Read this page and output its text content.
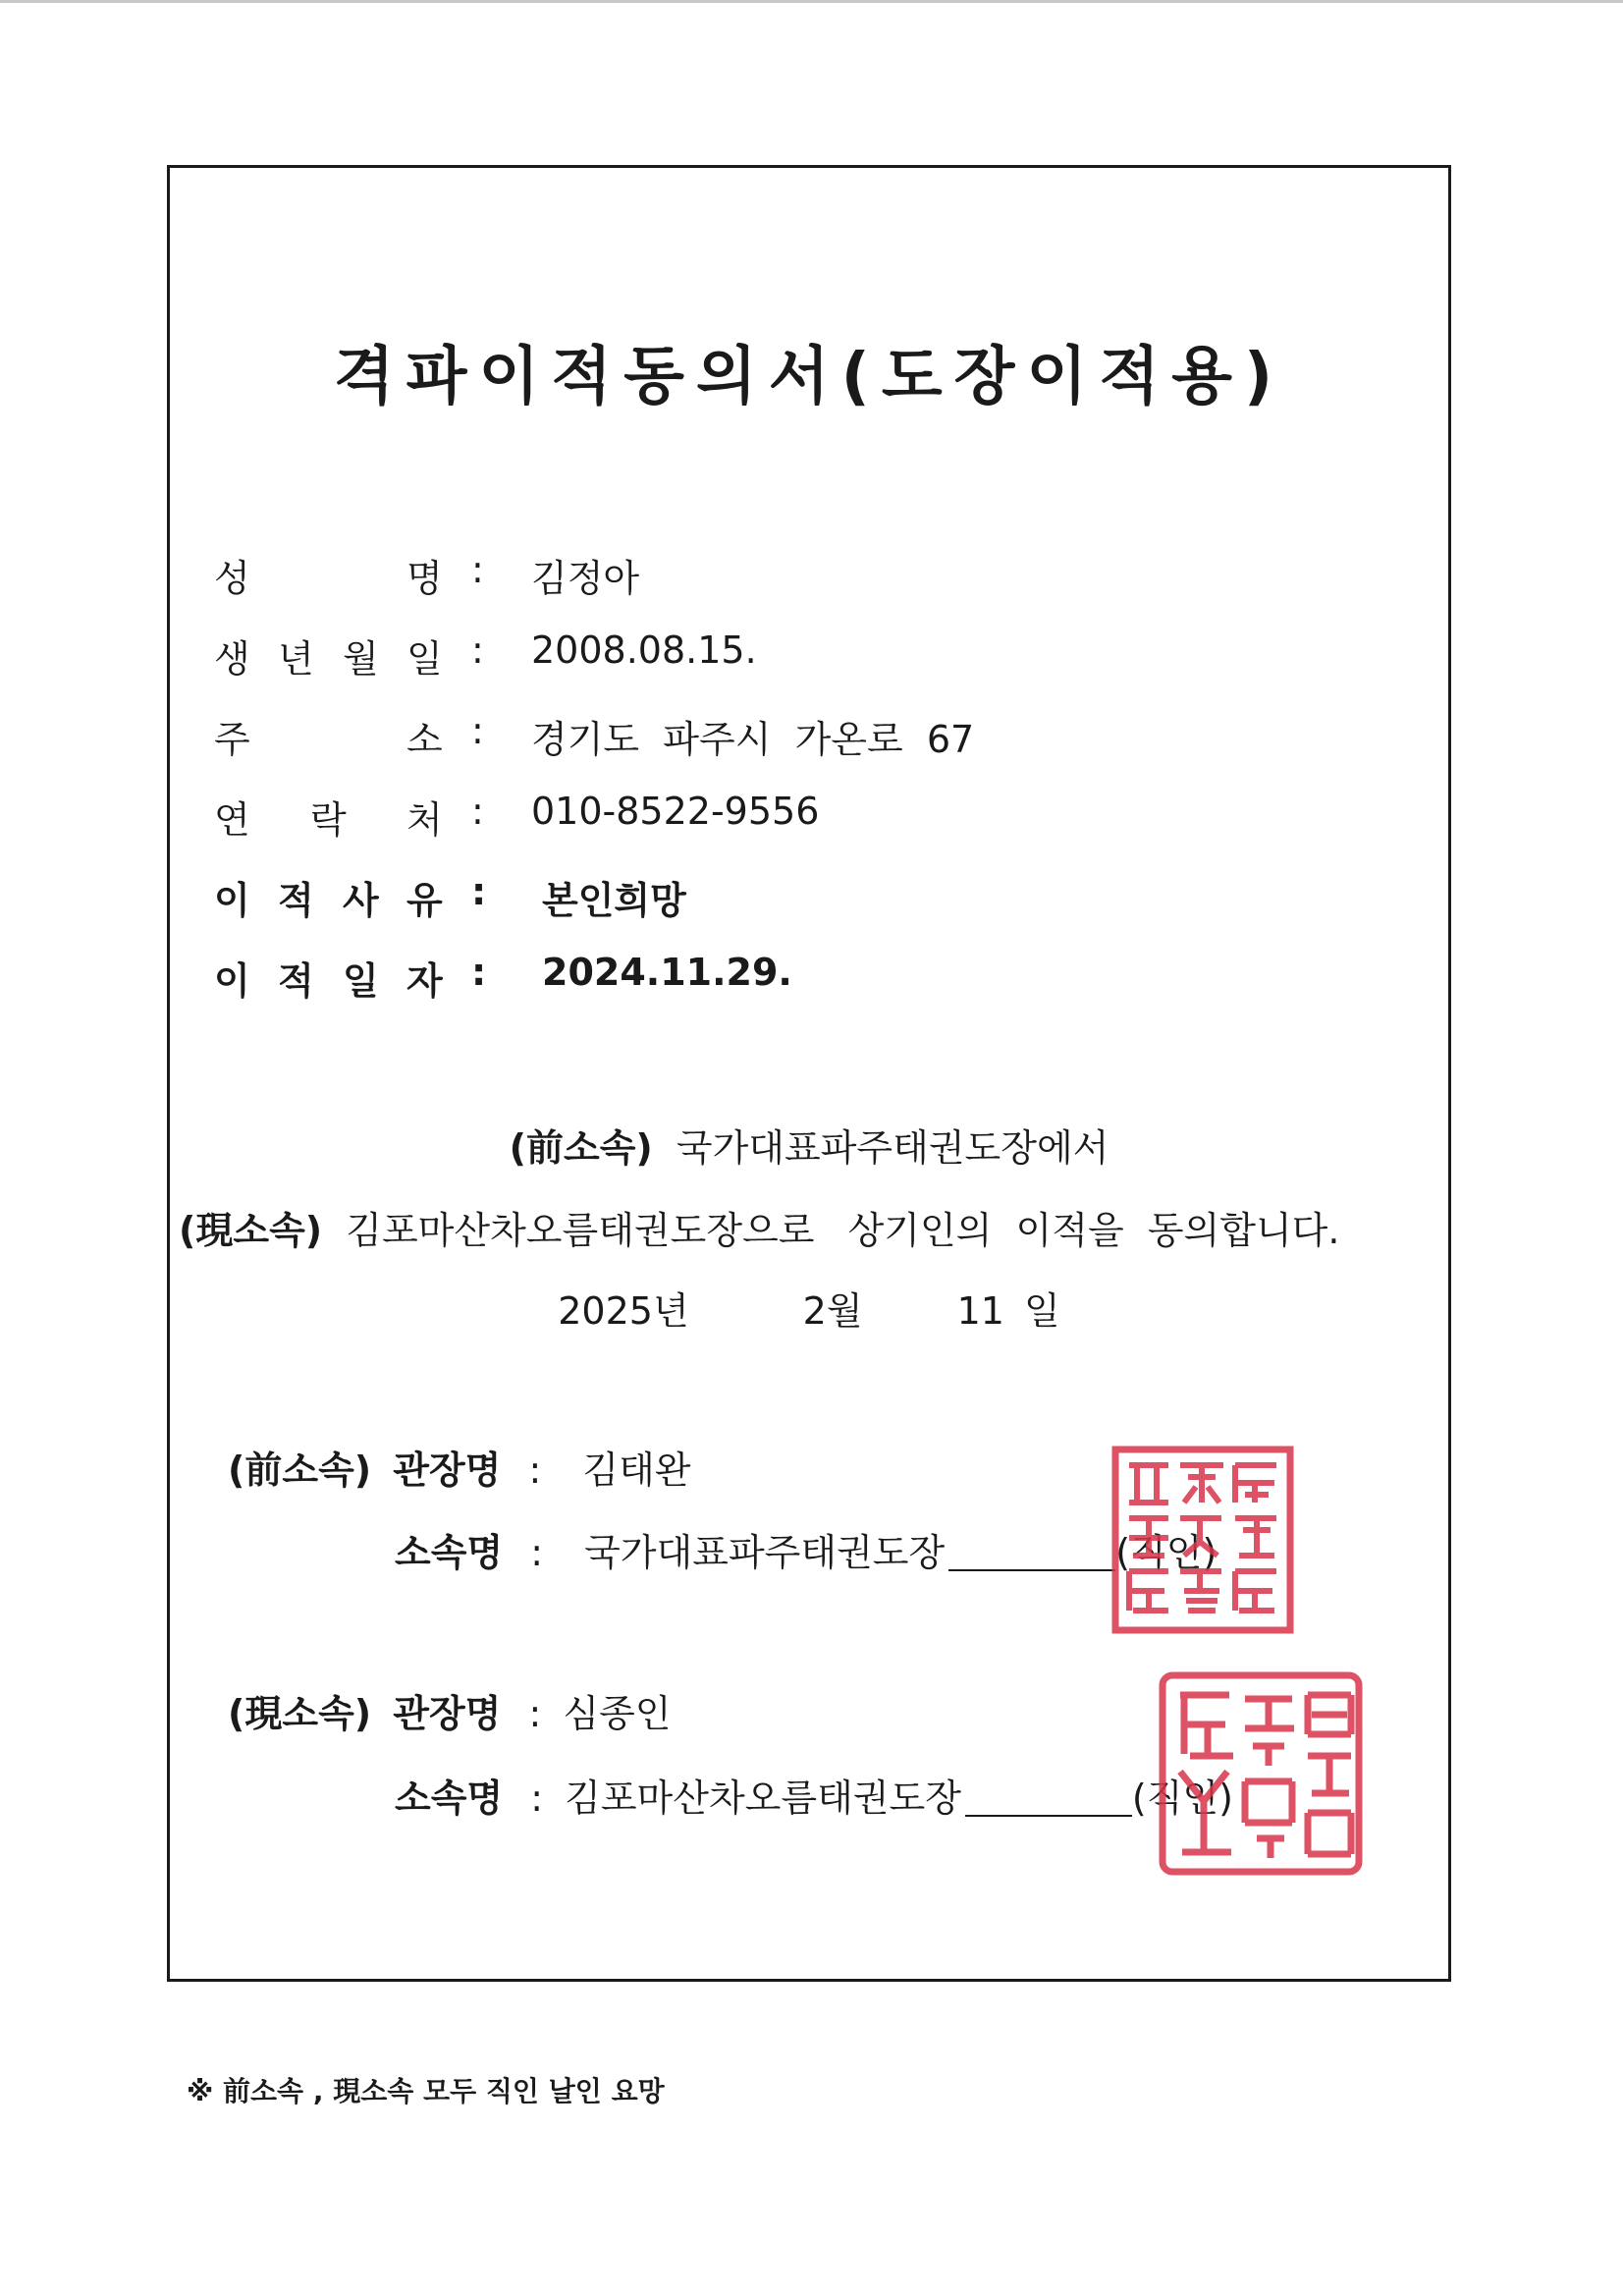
격파이적동의서(도장이적용)
성	명 : 김정아
생 년 월 일 : 2008.08.15.
주	소 : 경기도  파주시  가온로  67
연 락 처 : 010-8522-9556
이 적 사 유 : 본인희망
이 적 일 자 : 2024.11.29.
(前소속) 국가대표파주태권도장에서
(現소속) 김포마산차오름태권도장으로 상기인의  이적을  동의합니다.
2025년	2월	11 일
(前소속) 관장명 : 김태완
소속명 : 국가대표파주태권도장	(직인)
(現소속) 관장명 : 심종인
소속명 : 김포마산차오름태권도장	(직인)
※ 前소속 , 現소속 모두 직인 날인 요망
